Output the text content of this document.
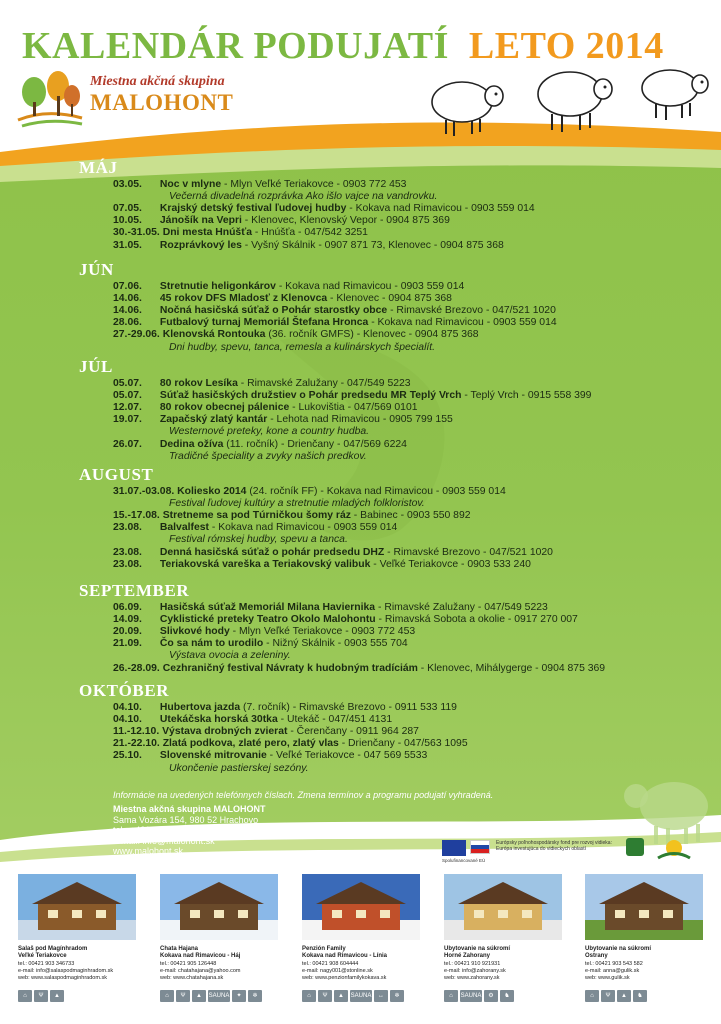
KALENDÁR PODUJATÍ LETO 2014
Miestna akčná skupina
MALOHONT
MÁJ
03.05. Noc v mlyne - Mlyn Veľké Teriakovce - 0903 772 453
Večerná divadelná rozprávka Ako išlo vajce na vandrovku.
07.05. Krajský detský festival ľudovej hudby - Kokava nad Rimavicou - 0903 559 014
10.05. Jánošík na Vepri - Klenovec, Klenovský Vepor - 0904 875 369
30.-31.05. Dni mesta Hnúšťa - Hnúšťa - 047/542 3251
31.05. Rozprávkový les - Vyšný Skálnik - 0907 871 73, Klenovec - 0904 875 368
JÚN
07.06. Stretnutie heligonkárov - Kokava nad Rimavicou - 0903 559 014
14.06. 45 rokov DFS Mladosť z Klenovca - Klenovec - 0904 875 368
14.06. Nočná hasičská súťaž o Pohár starostky obce - Rimavské Brezovo - 047/521 1020
28.06. Futbalový turnaj Memoriál Štefana Hronca - Kokava nad Rimavicou - 0903 559 014
27.-29.06. Klenovská Rontouka (36. ročník GMFS) - Klenovec - 0904 875 368
Dni hudby, spevu, tanca, remesla a kulinárskych špecialít.
JÚL
05.07. 80 rokov Lesíka - Rimavské Zalužany - 047/549 5223
05.07. Súťaž hasičských družstiev o Pohár predsedu MR Teplý Vrch - Teplý Vrch - 0915 558 399
12.07. 80 rokov obecnej pálenice - Lukovištia - 047/569 0101
19.07. Zapačský zlatý kantár - Lehota nad Rimavicou - 0905 799 155
Westernové preteky, kone a country hudba.
26.07. Dedina ožíva (11. ročník) - Drienčany - 047/569 6224
Tradičné špeciality a zvyky našich predkov.
AUGUST
31.07.-03.08. Koliesko 2014 (24. ročník FF) - Kokava nad Rimavicou - 0903 559 014
Festival ľudovej kultúry a stretnutie mladých folkloristov.
15.-17.08. Stretneme sa pod Túrničkou šomy ráz - Babinec - 0903 550 892
23.08. Balvalfest - Kokava nad Rimavicou - 0903 559 014
Festival rómskej hudby, spevu a tanca.
23.08. Denná hasičská súťaž o pohár predsedu DHZ - Rimavské Brezovo - 047/521 1020
23.08. Teriakovská vareška a Teriakovský valibuk - Veľké Teriakovce - 0903 533 240
SEPTEMBER
06.09. Hasičská súťaž Memoriál Milana Haviernika - Rimavské Zalužany - 047/549 5223
14.09. Cyklistické preteky Teatro Okolo Malohontu - Rimavská Sobota a okolie - 0917 270 007
20.09. Slivkové hody - Mlyn Veľké Teriakovce - 0903 772 453
21.09. Čo sa nám to urodilo - Nižný Skálnik - 0903 555 704
Výstava ovocia a zeleniny.
26.-28.09. Cezhraničný festival Návraty k hudobným tradíciám - Klenovec, Mihálygerge - 0904 875 369
OKTÓBER
04.10. Hubertova jazda (7. ročník) - Rimavské Brezovo - 0911 533 119
04.10. Utekáčska horská 30tka - Utekáč - 047/451 4131
11.-12.10. Výstava drobných zvierat - Čerenčany - 0911 964 287
21.-22.10. Zlatá podkova, zlaté pero, zlatý vlas - Drienčany - 047/563 1095
25.10. Slovenské mitrovanie - Veľké Teriakovce - 047 569 5533
Ukončenie pastierskej sezóny.
Informácie na uvedených telefónnych číslach. Zmena termínov a programu podujatí vyhradená.
Miestna akčná skupina MALOHONT
Sama Vozára 154, 980 52 Hrachovo
tel.: +421 47 5695 533
e-mail: info@malohont.sk
www.malohont.sk
Spolufinancované EÚ
Európsky poľnohospodársky fond pre rozvoj vidieka: Európa investujúca do vidieckych oblastí
Salaš pod Magínhradom
Veľké Teriakovce
tel.: 00421 903 346733
e-mail: info@salaspodmaginhradom.sk
web: www.salaspodmaginhradom.sk
⌂	Ψ	▲
Chata Hajana
Kokava nad Rimavicou - Háj
tel.: 00421 905 126448
e-mail: chatahajana@yahoo.com
web: www.chatahajana.sk
⌂	Ψ	▲	SAUNA	✦	❄
Penzión Family
Kokava nad Rimavicou - Línia
tel.: 00421 908 604444
e-mail: nagy001@stonline.sk
web: www.penzionfamilykokava.sk
⌂	Ψ	▲	SAUNA	↔	❄
Ubytovanie na súkromí
Horné Zahorany
tel.: 00421 910 921931
e-mail: info@zahorany.sk
web: www.zahorany.sk
⌂	SAUNA	⚙	♞
Ubytovanie na súkromí
Ostrany
tel.: 00421 903 543 582
e-mail: anna@gulik.sk
web: www.gulik.sk
⌂	Ψ	▲	♞
